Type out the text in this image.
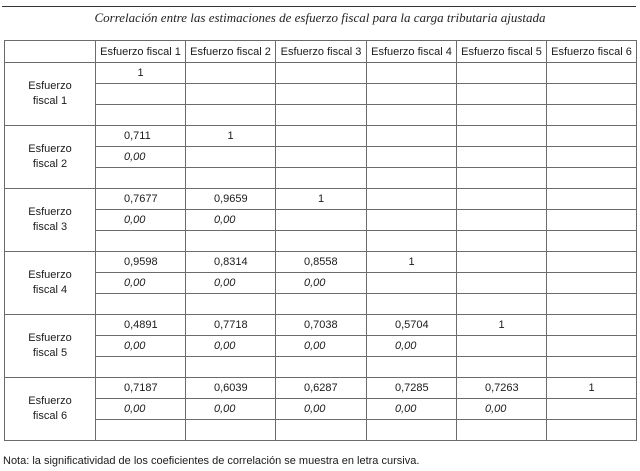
Correlación entre las estimaciones de esfuerzo fiscal para la carga tributaria ajustada
	Esfuerzo fiscal 1	Esfuerzo fiscal 2	Esfuerzo fiscal 3	Esfuerzo fiscal 4	Esfuerzo fiscal 5	Esfuerzo fiscal 6

Esfuerzo
fiscal 1	1					

Esfuerzo
fiscal 2	0,711	1				
	0,00					

Esfuerzo
fiscal 3	0,7677	0,9659	1			
	0,00	0,00				

Esfuerzo
fiscal 4	0,9598	0,8314	0,8558	1		
	0,00	0,00	0,00			

Esfuerzo
fiscal 5	0,4891	0,7718	0,7038	0,5704	1	
	0,00	0,00	0,00	0,00		

Esfuerzo
fiscal 6	0,7187	0,6039	0,6287	0,7285	0,7263	1
	0,00	0,00	0,00	0,00	0,00	

Nota: la significatividad de los coeficientes de correlación se muestra en letra cursiva.
